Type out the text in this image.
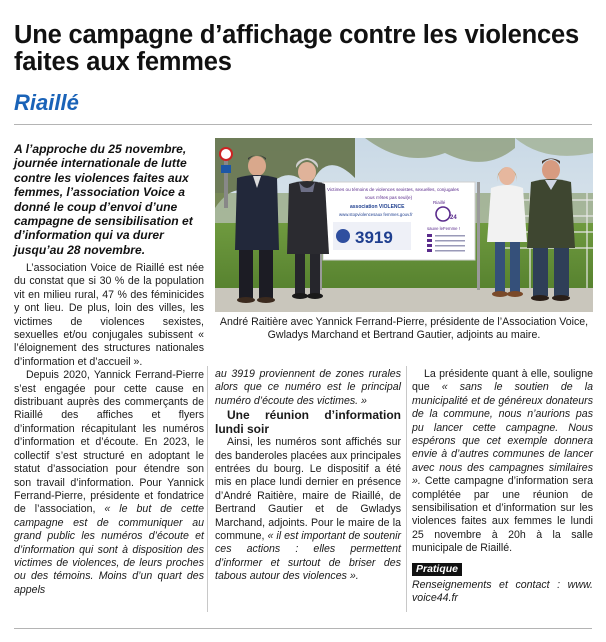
Une campagne d’affichage contre les violences faites aux femmes
Riaillé

A l’approche du 25 novembre, journée internationale de lutte contre les violences faites aux femmes, l’association Voice a donné le coup d’envoi d’une campagne de sensibilisation et d’information qui va durer jusqu’au 28 novembre.

L’association Voice de Riaillé est née du constat que si 30 % de la population vit en milieu rural, 47 % des féminicides y ont lieu. De plus, loin des villes, les victimes de violences sexistes, sexuelles et/ou conjugales subissent « l’éloignement des structures nationales d’information et d’accueil ».

Depuis 2020, Yannick Ferrand-Pierre s’est engagée pour cette cause en distribuant auprès des commerçants de Riaillé des affiches et flyers d’information récapitulant les numéros d’information et d’écoute. En 2023, le collectif s’est structuré en adoptant le statut d’association pour étendre son son travail d’information. Pour Yannick Ferrand-Pierre, présidente et fondatrice de l’association, « le but de cette campagne est de communiquer au grand public les numéros d’écoute et d’information qui sont à disposition des victimes de violences, de leurs proches ou des témoins. Moins d’un quart des appels

Victimes ou témoins de violences sexistes, sexuelles, conjugales
vous n'êtes pas seul(e)
association VIOLENCE
www.stopviolencesaux femmes.gouv.fr
3919
Riaillé
24
sauve leFemme !

André Raitière avec Yannick Ferrand-Pierre, présidente de l’Association Voice, Gwladys Marchand et Bertrand Gautier, adjoints au maire.

au 3919 proviennent de zones rurales alors que ce numéro est le principal numéro d’écoute des victimes. »

Une réunion d’information lundi soir

Ainsi, les numéros sont affichés sur des banderoles placées aux principales entrées du bourg. Le dispositif a été mis en place lundi dernier en présence d’André Raitière, maire de Riaillé, de Bertrand Gautier et de Gwladys Marchand, adjoints. Pour le maire de la commune, « il est important de soutenir ces actions : elles permettent d’informer et surtout de briser des tabous autour des violences ».

La présidente quant à elle, souligne que « sans le soutien de la municipalité et de généreux donateurs de la commune, nous n’aurions pas pu lancer cette campagne. Nous espérons que cet exemple donnera envie à d’autres communes de lancer avec nous des campagnes similaires ». Cette campagne d’information sera complétée par une réunion de sensibilisation et d’information sur les violences faites aux femmes le lundi 25 novembre à 20h à la salle municipale de Riaillé.

Pratique

Renseignements et contact : www. voice44.fr
